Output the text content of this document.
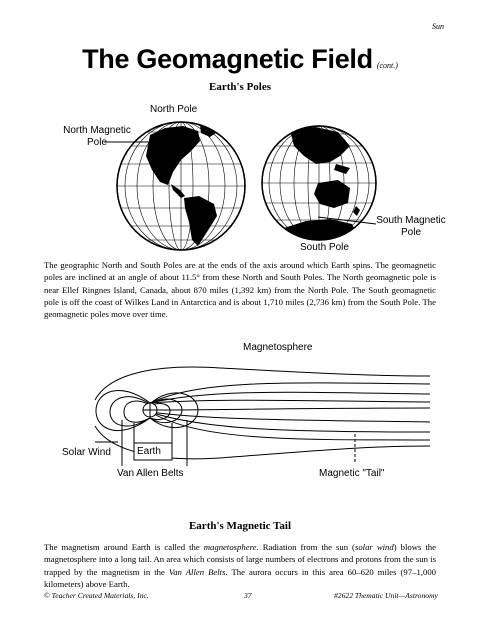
Sun
The Geomagnetic Field (cont.)
Earth's Poles
North Pole
North Magnetic
Pole
South Magnetic
Pole
South Pole
The geographic North and South Poles are at the ends of the axis around which Earth spins. The geomagnetic poles are inclined at an angle of about 11.5° from these North and South Poles. The North geomagnetic pole is near Ellef Ringnes Island, Canada, about 870 miles (1,392 km) from the North Pole. The South geomagnetic pole is off the coast of Wilkes Land in Antarctica and is about 1,710 miles (2,736 km) from the South Pole. The geomagnetic poles move over time.
Magnetosphere
Earth
Solar Wind
Van Allen Belts	Magnetic "Tail"
Earth's Magnetic Tail
The magnetism around Earth is called the magnetosphere. Radiation from the sun (solar wind) blows the magnetosphere into a long tail. An area which consists of large numbers of electrons and protons from the sun is trapped by the magnetism in the Van Allen Belts. The aurora occurs in this area 60–620 miles (97–1,000 kilometers) above Earth.
© Teacher Created Materials, Inc.	37	#2622 Thematic Unit—Astronomy
